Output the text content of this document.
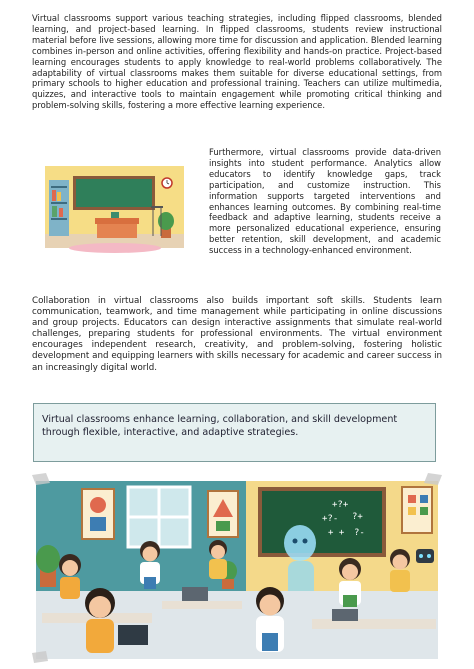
Virtual classrooms support various teaching strategies, including flipped classrooms, blended learning, and project-based learning. In flipped classrooms, students review instructional material before live sessions, allowing more time for discussion and application. Blended learning combines in-person and online activities, offering flexibility and hands-on practice. Project-based learning encourages students to apply knowledge to real-world problems collaboratively. The adaptability of virtual classrooms makes them suitable for diverse educational settings, from primary schools to higher education and professional training. Teachers can utilize multimedia, quizzes, and interactive tools to maintain engagement while promoting critical thinking and problem-solving skills, fostering a more effective learning experience.

Furthermore, virtual classrooms provide data-driven insights into student performance. Analytics allow educators to identify knowledge gaps, track participation, and customize instruction. This information supports targeted interventions and enhances learning outcomes. By combining real-time feedback and adaptive learning, students receive a more personalized educational experience, ensuring better retention, skill development, and academic success in a technology-enhanced environment.

Collaboration in virtual classrooms also builds important soft skills. Students learn communication, teamwork, and time management while participating in online discussions and group projects. Educators can design interactive assignments that simulate real-world challenges, preparing students for professional environments. The virtual environment encourages independent research, creativity, and problem-solving, fostering holistic development and equipping learners with skills necessary for academic and career success in an increasingly digital world.

Virtual classrooms enhance learning, collaboration, and skill development through flexible, interactive, and adaptive strategies.

+?+
+?- ?+
+ + ?-
